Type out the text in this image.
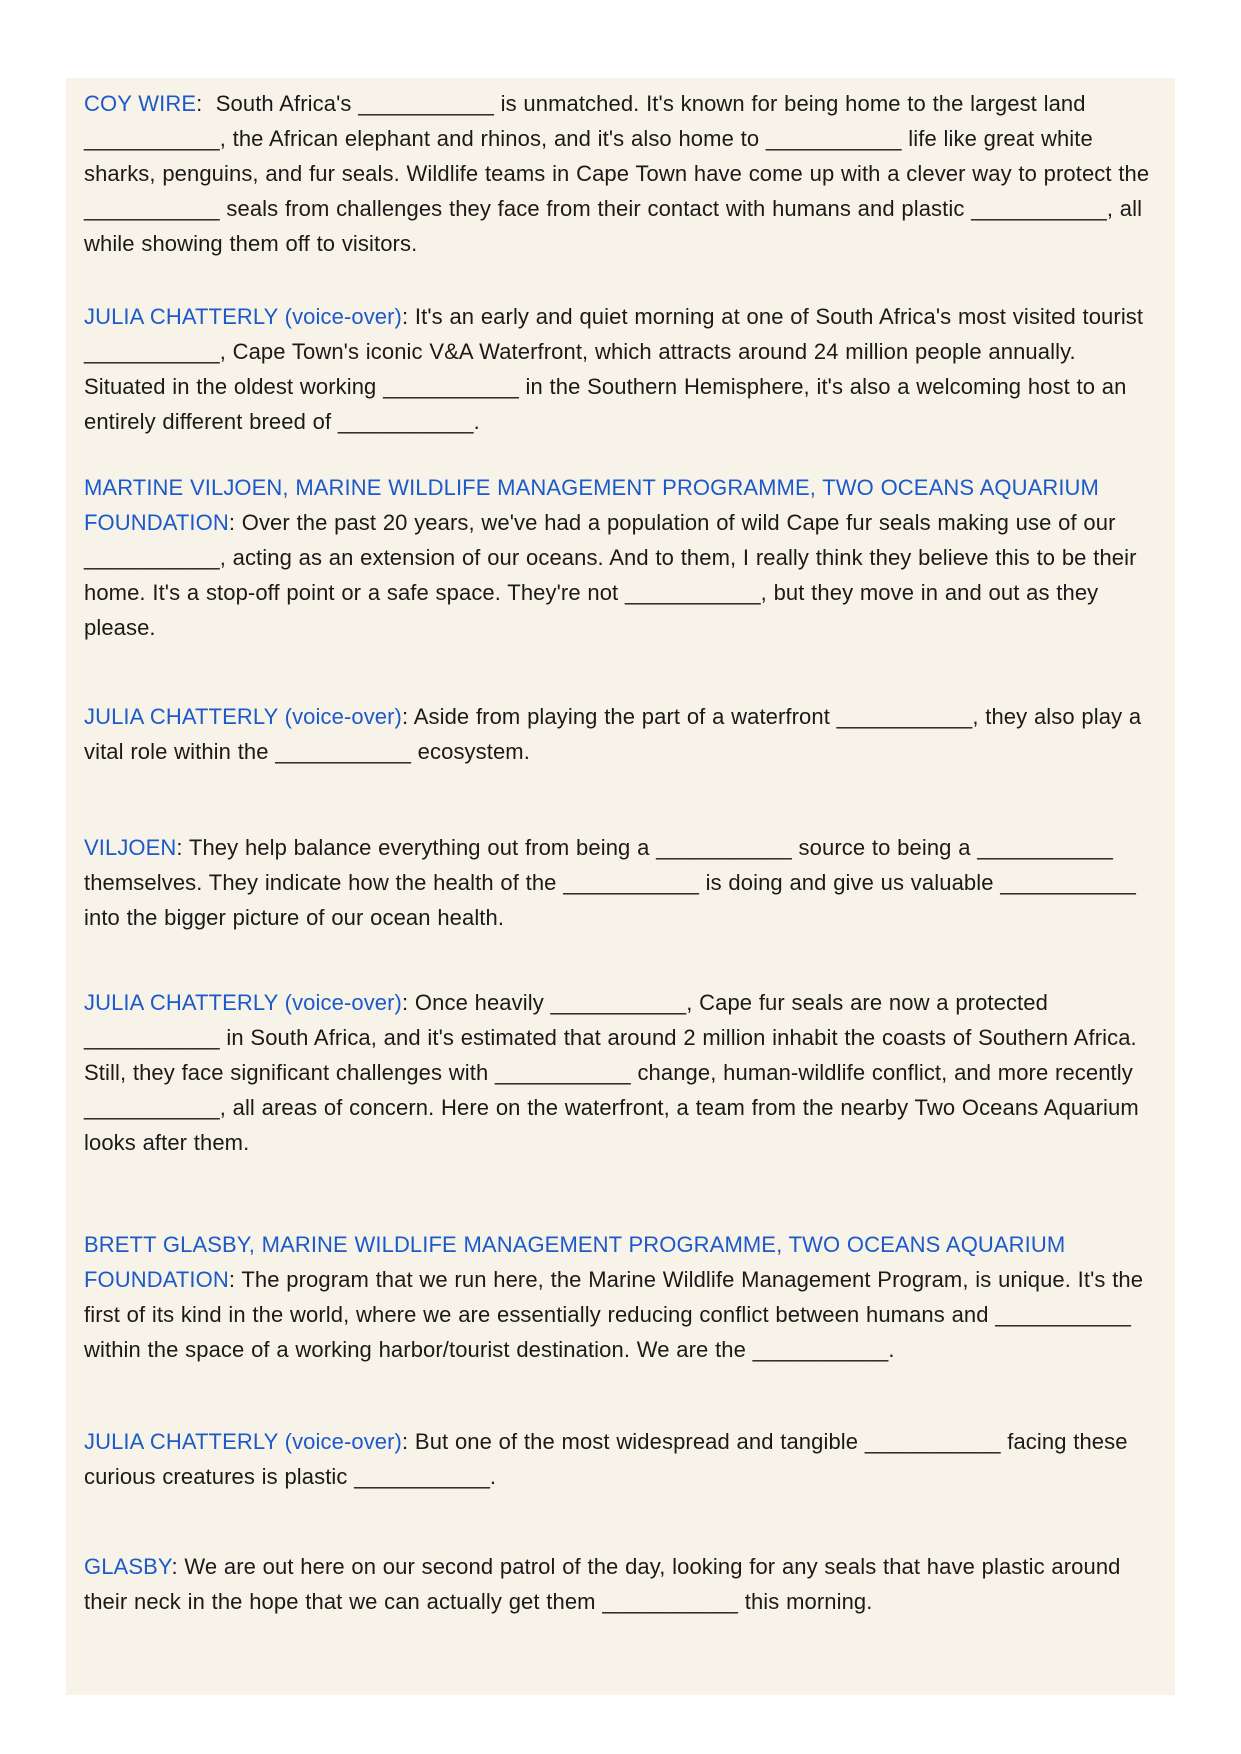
COY WIRE:  South Africa's ___________ is unmatched. It's known for being home to the largest land ___________, the African elephant and rhinos, and it's also home to ___________ life like great white sharks, penguins, and fur seals. Wildlife teams in Cape Town have come up with a clever way to protect the ___________ seals from challenges they face from their contact with humans and plastic ___________, all while showing them off to visitors.

JULIA CHATTERLY (voice-over): It's an early and quiet morning at one of South Africa's most visited tourist ___________, Cape Town's iconic V&A Waterfront, which attracts around 24 million people annually. Situated in the oldest working ___________ in the Southern Hemisphere, it's also a welcoming host to an entirely different breed of ___________.

MARTINE VILJOEN, MARINE WILDLIFE MANAGEMENT PROGRAMME, TWO OCEANS AQUARIUM FOUNDATION: Over the past 20 years, we've had a population of wild Cape fur seals making use of our ___________, acting as an extension of our oceans. And to them, I really think they believe this to be their home. It's a stop-off point or a safe space. They're not ___________, but they move in and out as they please.

JULIA CHATTERLY (voice-over): Aside from playing the part of a waterfront ___________, they also play a vital role within the ___________ ecosystem.

VILJOEN: They help balance everything out from being a ___________ source to being a ___________ themselves. They indicate how the health of the ___________ is doing and give us valuable ___________ into the bigger picture of our ocean health.

JULIA CHATTERLY (voice-over): Once heavily ___________, Cape fur seals are now a protected ___________ in South Africa, and it's estimated that around 2 million inhabit the coasts of Southern Africa. Still, they face significant challenges with ___________ change, human-wildlife conflict, and more recently ___________, all areas of concern. Here on the waterfront, a team from the nearby Two Oceans Aquarium looks after them.

BRETT GLASBY, MARINE WILDLIFE MANAGEMENT PROGRAMME, TWO OCEANS AQUARIUM FOUNDATION: The program that we run here, the Marine Wildlife Management Program, is unique. It's the first of its kind in the world, where we are essentially reducing conflict between humans and ___________ within the space of a working harbor/tourist destination. We are the ___________.

JULIA CHATTERLY (voice-over): But one of the most widespread and tangible ___________ facing these curious creatures is plastic ___________.

GLASBY: We are out here on our second patrol of the day, looking for any seals that have plastic around their neck in the hope that we can actually get them ___________ this morning.
